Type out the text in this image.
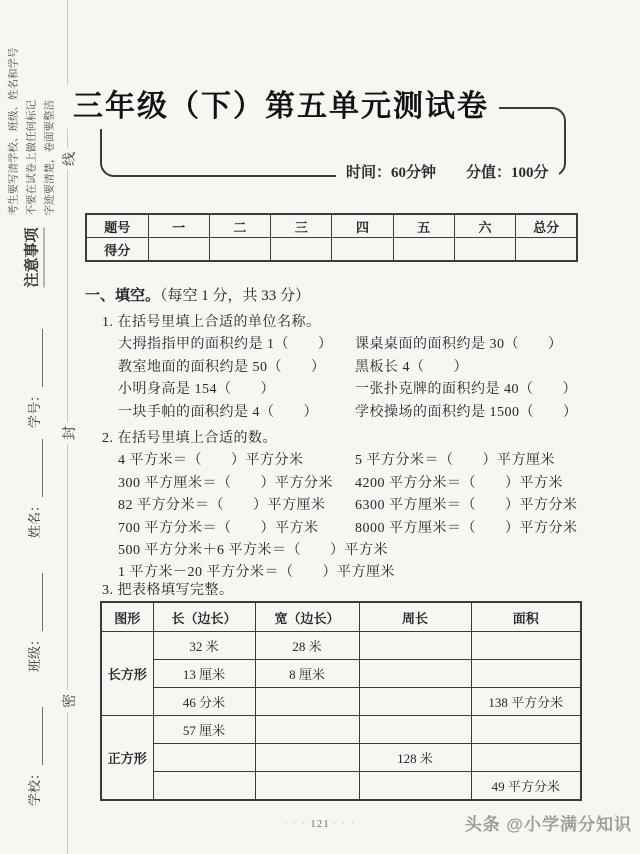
注意事项
考生要写清学校、班级、姓名和学号 不要在试卷上做任何标记 字迹要清楚，卷面要整洁 线
封
密
学号：
姓名：
班级：
学校：
三年级（下）第五单元测试卷
时间：60分钟 分值：100分
题号	一	二	三	四	五	六	总分
得分							
一、填空。（每空 1 分，共 33 分）
1. 在括号里填上合适的单位名称。
大拇指指甲的面积约是 1（　　）	课桌桌面的面积约是 30（　　）
教室地面的面积约是 50（　　）	黑板长 4（　　）
小明身高是 154（　　）	一张扑克牌的面积约是 40（　　）
一块手帕的面积约是 4（　　）	学校操场的面积约是 1500（　　）
2. 在括号里填上合适的数。
4 平方米＝（　　）平方分米	5 平方分米＝（　　）平方厘米
300 平方厘米＝（　　）平方分米	4200 平方分米＝（　　）平方米
82 平方分米＝（　　）平方厘米	6300 平方厘米＝（　　）平方分米
700 平方分米＝（　　）平方米	8000 平方厘米＝（　　）平方分米
500 平方分米＋6 平方米＝（　　）平方米
1 平方米－20 平方分米＝（　　）平方厘米
3. 把表格填写完整。
图形	长（边长）	宽（边长）	周长	面积
长方形	32 米	28 米		
	13 厘米	8 厘米		
	46 分米			138 平方分米
正方形	57 厘米			
			128 米	
				49 平方分米
· · · 121 · · ·	头条 @小学满分知识
